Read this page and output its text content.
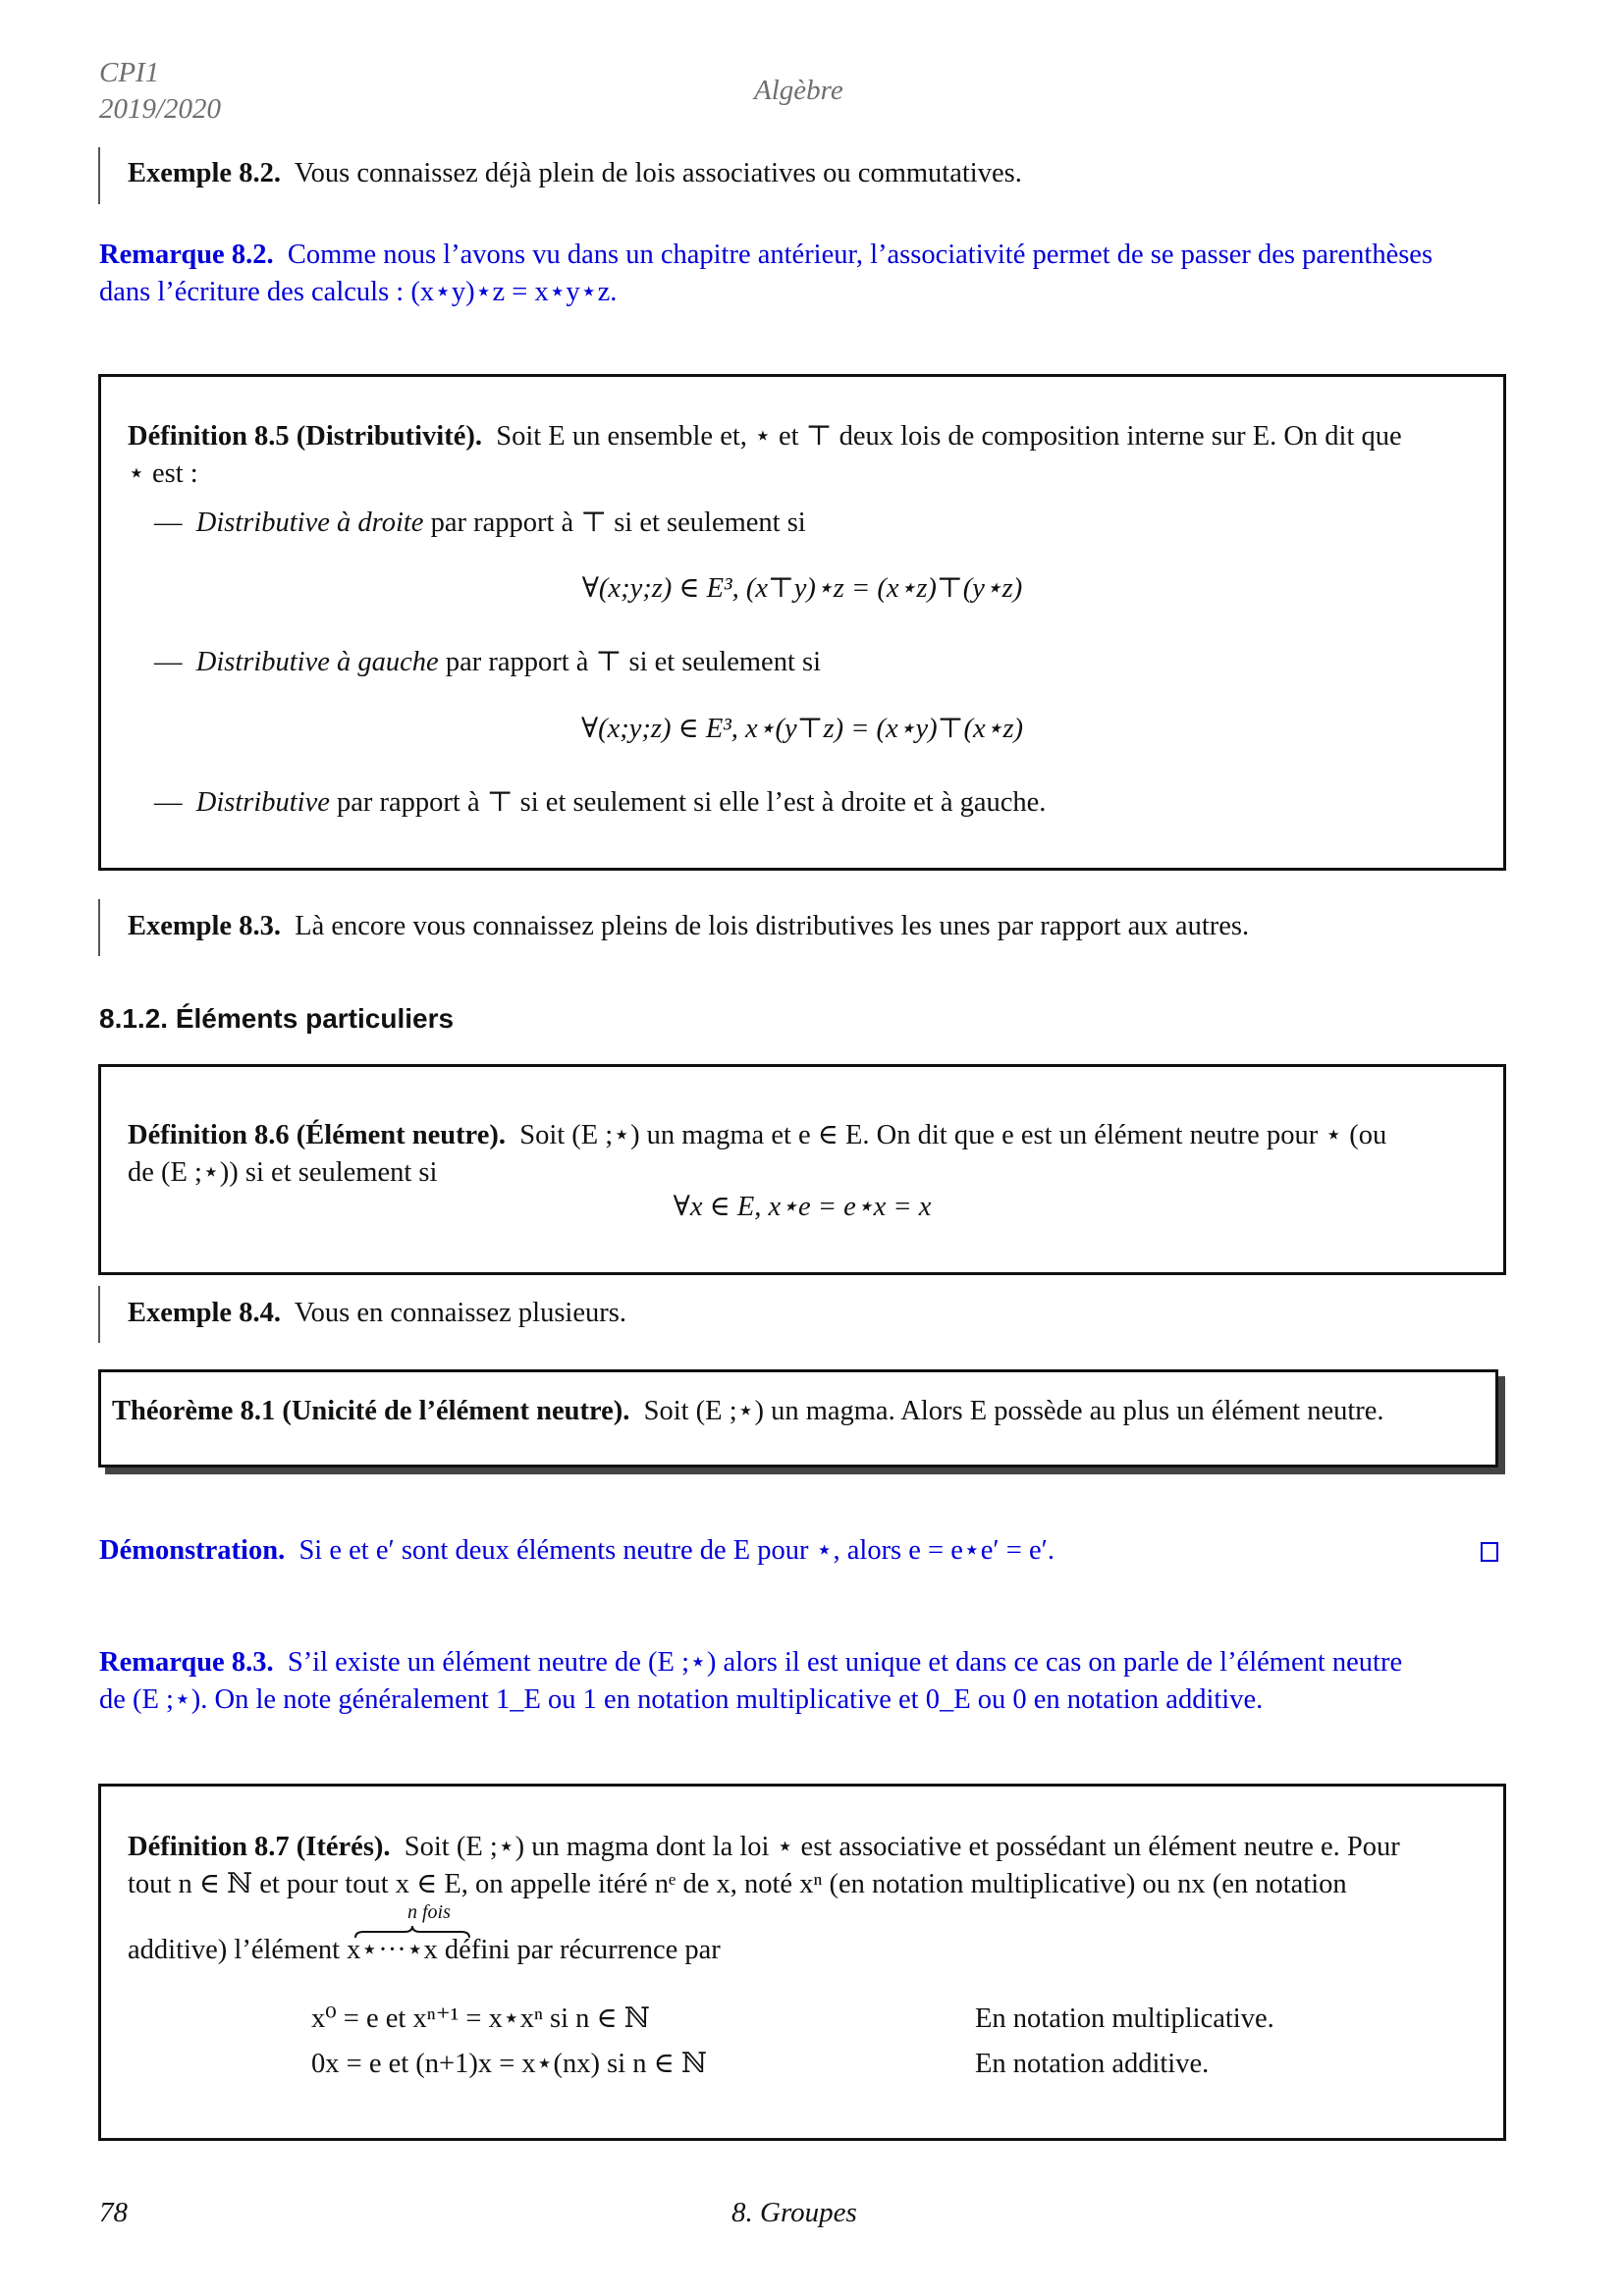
CPI1
2019/2020
Algèbre
Exemple 8.2. Vous connaissez déjà plein de lois associatives ou commutatives.
Remarque 8.2. Comme nous l’avons vu dans un chapitre antérieur, l’associativité permet de se passer des parenthèses
dans l’écriture des calculs : (x⋆y)⋆z = x⋆y⋆z.
Définition 8.5 (Distributivité). Soit E un ensemble et, ⋆ et ⊤ deux lois de composition interne sur E. On dit que
⋆ est :
— Distributive à droite par rapport à ⊤ si et seulement si
∀(x;y;z) ∈ E³, (x⊤y)⋆z = (x⋆z)⊤(y⋆z)
— Distributive à gauche par rapport à ⊤ si et seulement si
∀(x;y;z) ∈ E³, x⋆(y⊤z) = (x⋆y)⊤(x⋆z)
— Distributive par rapport à ⊤ si et seulement si elle l’est à droite et à gauche.
Exemple 8.3. Là encore vous connaissez pleins de lois distributives les unes par rapport aux autres.
8.1.2. Éléments particuliers
Définition 8.6 (Élément neutre). Soit (E ;⋆) un magma et e ∈ E. On dit que e est un élément neutre pour ⋆ (ou
de (E ;⋆)) si et seulement si
∀x ∈ E, x⋆e = e⋆x = x
Exemple 8.4. Vous en connaissez plusieurs.
Théorème 8.1 (Unicité de l’élément neutre). Soit (E ;⋆) un magma. Alors E possède au plus un élément neutre.
Démonstration. Si e et e′ sont deux éléments neutre de E pour ⋆, alors e = e⋆e′ = e′.
Remarque 8.3. S’il existe un élément neutre de (E ;⋆) alors il est unique et dans ce cas on parle de l’élément neutre
de (E ;⋆). On le note généralement 1_E ou 1 en notation multiplicative et 0_E ou 0 en notation additive.
Définition 8.7 (Itérés). Soit (E ;⋆) un magma dont la loi ⋆ est associative et possédant un élément neutre e. Pour
tout n ∈ ℕ et pour tout x ∈ E, on appelle itéré nᵉ de x, noté xⁿ (en notation multiplicative) ou nx (en notation
n fois
additive) l’élément x⋆···⋆x défini par récurrence par
x⁰ = e et xⁿ⁺¹ = x⋆xⁿ si n ∈ ℕ	En notation multiplicative.
0x = e et (n+1)x = x⋆(nx) si n ∈ ℕ	En notation additive.
78	8. Groupes
